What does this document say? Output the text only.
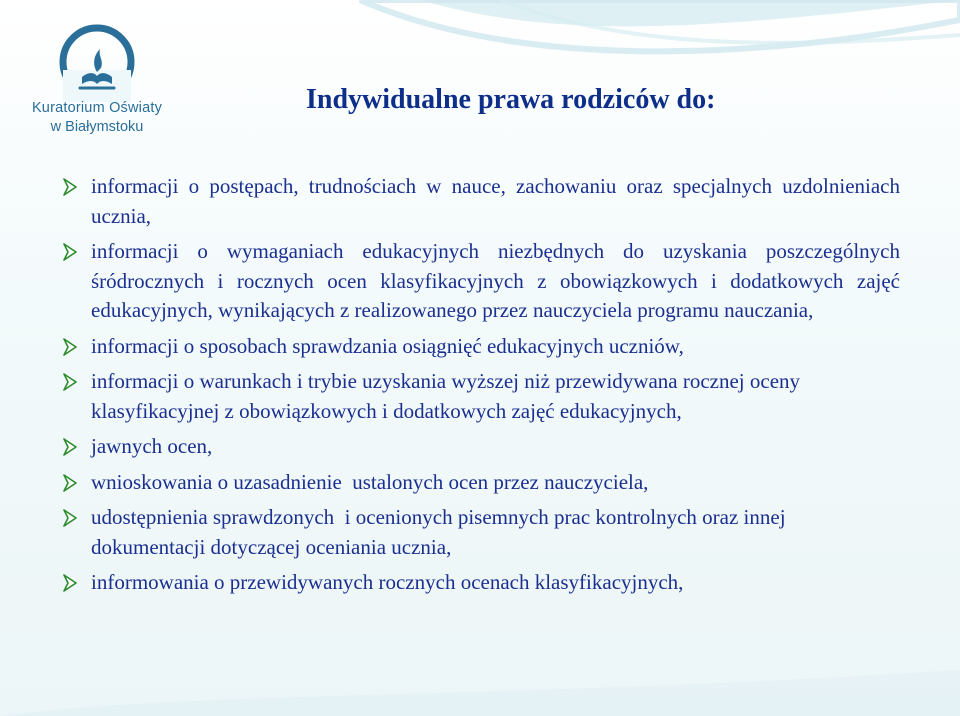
Kuratorium Oświaty
w Białymstoku
Indywidualne prawa rodziców do:
informacji o postępach, trudnościach w nauce, zachowaniu oraz specjalnych uzdolnieniach ucznia,
informacji o wymaganiach edukacyjnych niezbędnych do uzyskania poszczególnych śródrocznych i rocznych ocen klasyfikacyjnych z obowiązkowych i dodatkowych zajęć edukacyjnych, wynikających z realizowanego przez nauczyciela programu nauczania,
informacji o sposobach sprawdzania osiągnięć edukacyjnych uczniów,
informacji o warunkach i trybie uzyskania wyższej niż przewidywana rocznej oceny klasyfikacyjnej z obowiązkowych i dodatkowych zajęć edukacyjnych,
jawnych ocen,
wnioskowania o uzasadnienie  ustalonych ocen przez nauczyciela,
udostępnienia sprawdzonych  i ocenionych pisemnych prac kontrolnych oraz innej dokumentacji dotyczącej oceniania ucznia,
informowania o przewidywanych rocznych ocenach klasyfikacyjnych,
